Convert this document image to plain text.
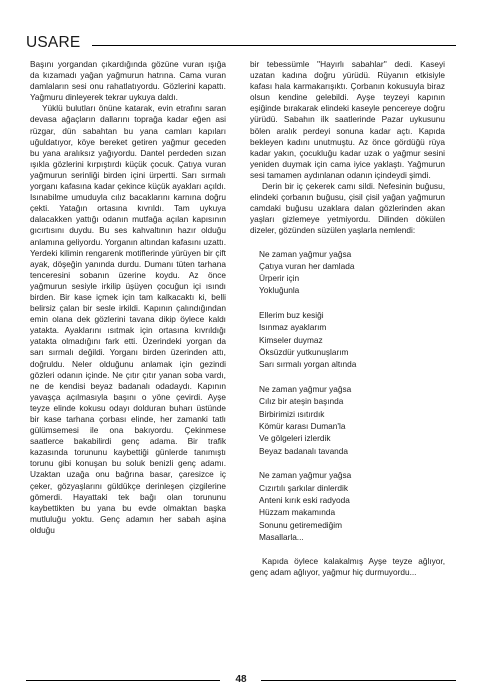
USARE

Başını yorgandan çıkardığında gözüne vuran ışığa da kızamadı yağan yağmurun hatrına. Cama vuran damlaların sesi onu rahatlatıyordu. Gözlerini kapattı. Yağmuru dinleyerek tekrar uykuya daldı.

Yüklü bulutları önüne katarak, evin etrafını saran devasa ağaçların dallarını toprağa kadar eğen asi rüzgar, dün sabahtan bu yana camları kapıları uğuldatıyor, köye bereket getiren yağmur geceden bu yana aralıksız yağıyordu. Dantel perdeden sızan ışıkla gözlerini kırpıştırdı küçük çocuk. Çatıya vuran yağmurun serinliği birden içini ürpertti. Sarı sırmalı yorganı kafasına kadar çekince küçük ayakları açıldı. Isınabilme umuduyla cılız bacaklarını karnına doğru çekti. Yatağın ortasına kıvrıldı. Tam uykuya dalacakken yattığı odanın mutfağa açılan kapısının gıcırtısını duydu. Bu ses kahvaltının hazır olduğu anlamına geliyordu. Yorganın altından kafasını uzattı. Yerdeki kilimin rengarenk motiflerinde yürüyen bir çift ayak, döşeğin yanında durdu. Dumanı tüten tarhana tenceresini sobanın üzerine koydu. Az önce yağmurun sesiyle irkilip üşüyen çocuğun içi ısındı birden. Bir kase içmek için tam kalkacaktı ki, belli belirsiz çalan bir sesle irkildi. Kapının çalındığından emin olana dek gözlerini tavana dikip öylece kaldı yatakta. Ayaklarını ısıtmak için ortasına kıvrıldığı yatakta olmadığını fark etti. Üzerindeki yorgan da sarı sırmalı değildi. Yorganı birden üzerinden attı, doğruldu. Neler olduğunu anlamak için gezindi gözleri odanın içinde. Ne çıtır çıtır yanan soba vardı, ne de kendisi beyaz badanalı odadaydı. Kapının yavaşça açılmasıyla başını o yöne çevirdi. Ayşe teyze elinde kokusu odayı dolduran buharı üstünde bir kase tarhana çorbası elinde, her zamanki tatlı gülümsemesi ile ona bakıyordu. Çekinmese saatlerce bakabilirdi genç adama. Bir trafik kazasında torununu kaybettiği günlerde tanımıştı torunu gibi konuşan bu soluk benizli genç adamı. Uzaktan uzağa onu bağrına basar, çaresizce iç çeker, gözyaşlarını güldükçe derinleşen çizgilerine gömerdi. Hayattaki tek bağı olan torununu kaybettikten bu yana bu evde olmaktan başka mutluluğu yoktu. Genç adamın her sabah aşina olduğu

bir tebessümle ''Hayırlı sabahlar'' dedi. Kaseyi uzatan kadına doğru yürüdü. Rüyanın etkisiyle kafası hala karmakarışıktı. Çorbanın kokusuyla biraz olsun kendine gelebildi. Ayşe teyzeyi kapının eşiğinde bırakarak elindeki kaseyle pencereye doğru yürüdü. Sabahın ilk saatlerinde Pazar uykusunu bölen aralık perdeyi sonuna kadar açtı. Kapıda bekleyen kadını unutmuştu. Az önce gördüğü rüya kadar yakın, çocukluğu kadar uzak o yağmur sesini yeniden duymak için cama iyice yaklaştı. Yağmurun sesi tamamen aydınlanan odanın içindeydi şimdi.

Derin bir iç çekerek camı sildi. Nefesinin buğusu, elindeki çorbanın buğusu, çisil çisil yağan yağmurun camdaki buğusu uzaklara dalan gözlerinden akan yaşları gizlemeye yetmiyordu. Dilinden dökülen dizeler, gözünden süzülen yaşlarla nemlendi:

Ne zaman yağmur yağsa
Çatıya vuran her damlada
Ürperir için
Yokluğunla
Ellerim buz kesiği
Isınmaz ayaklarım
Kimseler duymaz
Öksüzdür yutkunuşlarım
Sarı sırmalı yorgan altında
Ne zaman yağmur yağsa
Cılız bir ateşin başında
Birbirimizi ısıtırdık
Kömür karası Duman'la
Ve gölgeleri izlerdik
Beyaz badanalı tavanda
Ne zaman yağmur yağsa
Cızırtılı şarkılar dinlerdik
Anteni kırık eski radyoda
Hüzzam makamında
Sonunu getiremediğim
Masallarla...

Kapıda öylece kalakalmış Ayşe teyze ağlıyor, genç adam ağlıyor, yağmur hiç durmuyordu...

48
